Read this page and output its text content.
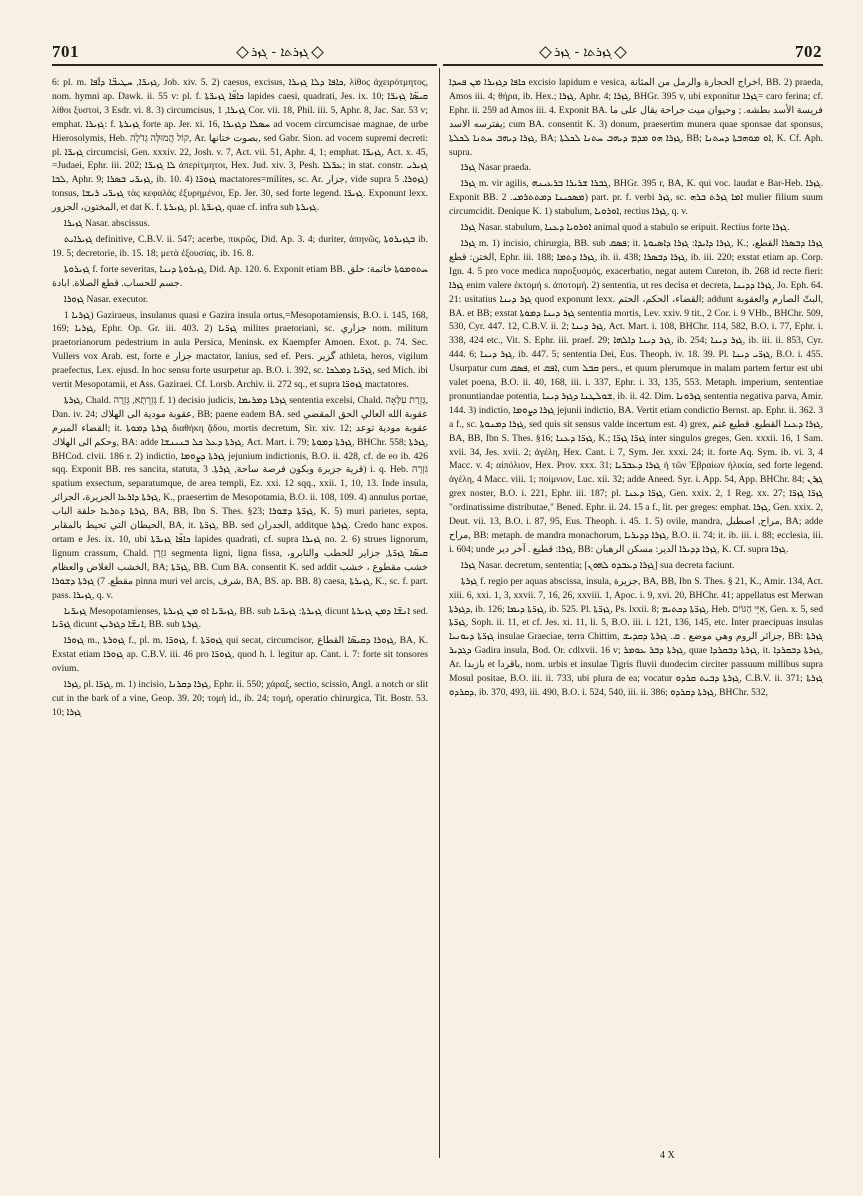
701	ܓܙܪܬܐ - ܓܙܪ	ܓܙܪܬܐ - ܓܙܪ	702

6: pl. m. ܓܙܝܪ̈ܐ, ܚܛܝܒ̈ܐ ܕܐ̈ܦܐ, Job. xiv. 5. 2) caesus, excisus, ܟܐܦܐ ܕܠܐ ܓܙܝܪܐ, λίθος ἀχειρότμητος, nom. hymni ap. Dawk. ii. 55 v: pl. f. ܟܐܦ̈ܐ ܓܙܝܪ̈ܬܐ lapides caesi, quadrati, Jes. ix. 10; ܩܝܣ̈ܐ ܓܙܝܪ̈ܐ λίθοι ξυστοί, 3 Esdr. vi. 8. 3) circumcisus, ܓܙܝܪܐ, 1 Cor. vii. 18, Phil. iii. 5, Aphr. 8, Jac. Sar. 53 v; emphat. ܓܙܝܪܐ: f. ܓܙܝܪܬܐ forte ap. Jer. xi. 16, ܚܣܠܐ ܕܓܙܝܪܐ ad vocem circumcisae magnae, de urbe Hierosolymis, Heb. קוֹל הֲמוּלָּה גְדֹלָה, Ar. بصوت ختانها, sed Gabr. Sion. ad vocem supremi decreti: pl. ܓܙܝܪ̈ܐ circumcisi, Gen. xxxiv. 22, Josh. v. 7, Act. vii. 51, Aphr. 4, 1; emphat. ܓܙܝܪ̈ܐ, Act. x. 45, =Judaei, Ephr. iii. 202; ܠܐ ܓܙܝܪ̈ܐ ἀπερίτμητοι, Hex. Jud. xiv. 3, Pesh. ܥܪ̈ܠܐ; in stat. constr. ܓܙܝܪܝ ܠܒܐ, Aphr. 9; ܓܙܝܪ̈ܝ ܒܣܪܐ, ib. 10. 4) ܓܙܘܪ̈ܐ mactatores=milites, sc. Ar. جزار, vide supra ܓܙܘܪܐ. 5) tonsus, ܓܙܝܪ̈ܝ ܪܝܫܐ τὰς κεφαλὰς ἐξυρημένοι, Ep. Jer. 30, sed forte legend. ܓܙܝܪ̈ܐ. Exponunt lexx. المختون، الجزور, et dat K. f. ܓܙܝܪܬܐ, pl. ܓܙܝܪ̈ܬܐ, quae cf. infra sub ܓܙܝܪܬܐ.

ܓܙܝܪܐ Nasar. abscissus.

ܓܙܝܪܐܝܬ definitive, C.B.V. ii. 547; acerbe, πικρῶς, Did. Ap. 3. 4; duriter, ἀπηνῶς, ܒܓܙܝܪܘܬܐ ib. 19. 5; decretorie, ib. 15. 18; μετὰ ἐξουσίας, ib. 16. 8.

ܓܙܝܪܘܬܐ f. forte severitas, ܓܙܝܪܘܬܐ ܕܝܢܐ, Did. Ap. 120. 6. Exponit etiam BB. ܚܬܘܡܘܬܐ خاتمة: حلق جسم للحساب. قطع الصلاة. ابادة.

ܓܙܘܪܐ Nasar. executor.

ܓܙܪܝܐ 1) Gaziraeus, insulanus quasi e Gazira insula ortus,=Mesopotamiensis, B.O. i. 145, 168, 169; ܓܙܪܝܐ, Ephr. Op. Gr. iii. 403. 2) ܓܙܪ̈ܝܐ milites praetoriani, sc. جزاري nom. militum praetorianorum pedestrium in aula Persica, Meninsk. ex Kaempfer Amoen. Exot. p. 74. Sec. Vullers vox Arab. est, forte e جزار mactator, lanius, sed ef. Pers. گزير athleta, heros, vigilum praefectus, Lex. ejusd. In hoc sensu forte usurpetur ap. B.O. i. 392, sc. ܓܙܪ̈ܝܐ ܕܡܠܟܐ, sed Mich. ibi vertit Mesopotamii, et Ass. Gaziraei. Cf. Lorsb. Archiv. ii. 272 sq., et supra ܓܙܘܪ̈ܐ mactatores.

ܓܙܪܬܐ, Chald. גְּזֵרְתָא, גְּזֵרָה f. 1) decisio judicis, ܓܙܪܬܐ ܕܡܪܝܡܐ sententia excelsi, Chald. גְּזֵרַת עִלָּאָה, Dan. iv. 24; عقوبة مودية الى الهلاك, BB; paene eadem BA. sed عقوبة الله العالي الحق المقضي القضاء المبرم; it. ܓܙܪܬܐ ܕܡܘܬܐ διαθήκη ᾅδου, mortis decretum, Sir. xiv. 12; عقوبة مودية توعد وحكم الى الهلاك, BA: adde ܓܙܪܬܐ ܕܥܠ ܟܠ ܒܢܝܢܫܐ, Act. Mart. i. 79; ܓܙܪܬܐ ܕܡܘܬܐ, BHChr. 558; ܓܙܪܬܐ, BHCod. clvii. 186 r. 2) indictio, ܓܙܪܬܐ ܕܨܘܡܐ jejunium indictionis, B.O. ii. 428, cf. de eo ib. 426 sqq. Exponit BB. res sancita, statuta, قرية جزيرة وبكون فرصة ساحة, ܓܙܪܬܐ. 3) i. q. Heb. גִּזְרָה spatium exsectum, separatumque, de area templi, Ez. xxi. 12 sqq., xxii. 1, 10, 13. Inde insula, ܓܙܪܬܐ ܕܐܪܥܐ الجزيرة، الجزائر, K., praesertim de Mesopotamia, B.O. ii. 108, 109. 4) annulus portae, ܓܙܪܬܐ ܕܬܪܥܐ حلقة الباب, BA, BB, Ibn S. Thes. §23; ܓܙܪ̈ܬܐ ܕܫܘܪܐ, K. 5) muri parietes, septa, الحيطان التي تحيط بالمقابر, BA, it. ܓܙܪ̈ܬܐ, BB. sed الجدران, additque ܓܙܪܬܐ. Credo hanc expos. ortam e Jes. ix. 10, ubi ܟܐܦ̈ܐ ܓܙܝܪ̈ܬܐ lapides quadrati, cf. supra ܓܙܝܪܐ no. 2. 6) strues lignorum, lignum crassum, Chald. גִּזְרָן segmenta ligni, ligna fissa, ܩܝܣ̈ܐ ܓܙܪ̈ܬܐ, جزاير للحطب والنابرو، الخشب الغلاض والعظام, BA; ܓܙܪ̈ܬܐ, BB. Cum BA. consentit K. sed addit خشب مقطوع ، خشب مقطع. 7) ܓܙܪܬܐ ܕܫܘܪܐ pinna muri vel arcis, شرف, BA, BS. ap. BB. 8) caesa, ܓܙܝܪܬܐ, K., sc. f. part. pass. ܓܙܝܪܐ, q. v.

ܓܙܝܪ̈ܝܐ Mesopotamienses, ܓܙܝܪ̈ܝܐ ܐܘ ܡܢ ܓܙܝܪܬܐ, BB. sub ܓܙܝܪܬܐ: ܓܙܝܪ̈ܝܐ dicunt ܐܢܫ̈ܐ ܕܡܢ ܓܙܝܪܬܐ sed. ܓܙܪ̈ܝܐ dicunt ܐܢܫ̈ܐ ܕܓܙܪܝܢ, BB. sub ܓܙܪܬܐ.

ܓܙܘܪܐ m., ܓܙܘܪܬܐ f., pl. m. ܓܙܘܪ̈ܐ, f. ܓܙܘܪ̈ܬܐ qui secat, circumcisor, ܓܙܘܪܐ ܕܩܝܣ̈ܐ القطاع, BA, K. Exstat etiam ܓܙܘܪܐ ap. C.B.V. iii. 46 pro ܓܙܘܪ̈ܐ, quod h. l. legitur ap. Cant. i. 7: forte sit tonsores ovium.

ܓܙܪܐ, pl. ܓܙܪ̈ܐ, m. 1) incisio, ܓܙܪܐ ܕܩܪܢܐ, Ephr. ii. 550; χάραξ, sectio, scissio, Angl. a notch or slit cut in the bark of a vine, Geop. 39. 20; τομὴ id., ib. 24; τομή, operatio chirurgica, Tit. Bostr. 53. 10; ܓܙܪܐ

ܟܐܦܐ ܕܓܙܝܪܐ ܡܢ ܦܚܕܐ excisio lapidum e vesica, اخراج الحجارة والرمل من المثانة, BB. 2) praeda, Amos iii. 4; θήρα, ib. Hex.; ܓܙܪܐ, Aphr. 4; ܓܙܪܐ, BHGr. 395 v, ubi exponitur ܓܙܪܐ= caro ferina; cf. Ephr. ii. 259 ad Amos iii. 4. Exponit BA. فريسة الأسد بطشه. ; وحيوان ميت جراحة يقال على ما يفترسه الاسد; cum BA. consentit K. 3) donum, praesertim munera quae sponsae dat sponsus, ܓܙܪܐ ܕܝܗܒ ܚܬܢܐ ܠܟܠܬܐ, BA; ܓܙܪܐ ܗܘ ܡܕܡ ܕܝܗܒ ܚܬܢܐ ܠܟܠܬܐ, BB; ܐܘ ܡܘܗܒܬܐ ܕܚܬܢܐ, K. Cf. Aph. supra.

ܓܙܪܐ Nasar praeda.

ܓܙܪܐ m. vir agilis, ܓܒܪܐ ܫܪܝܪܐ ܒܪܥܝܢܗ, BHGr. 395 r, BA, K. qui voc. laudat e Bar-Heb. ܓܙܪܐ. Exponit BB. ܡܣܟܝܢܐ ܕܡܬܬܪܡܝ. 2) part. pr. f. verbi ܓܙܪ, sc. ܐܡܐ ܓܙܪܬ ܒܪܗ mulier filium suum circumcidit. Denique K. 1) stabulum, ܐܘܪܘܝܐ, rectius ܓܙܪܐ, q. v.

ܓܙܪܐ Nasar. stabulum, ܐܘܪܘܝܐ ܕܥܢܐ animal quod a stabulo se eripuit. Rectius forte ܓܙܪܐ.

ܓܙܪܐ m. 1) incisio, chirurgia, BB. sub ܦܣܩ; it. ܓܙܪܐ ܕܐܝܕܐ: ܓܙܪܐ ܕܐܣܝܘܬܐ, K.; ܓܙܪܐ ܕܒܣܪܐ القطع، الختن: قطع, Ephr. iii. 188; ܓܙܪܐ ܕܬܡܐ, ib. ii. 438; ܓܙܪܐ ܕܒܣܪܐ, ib. iii. 220; exstat etiam ap. Corp. Ign. 4. 5 pro voce medica παροξυσμός, exacerbatio, negat autem Cureton, ib. 268 id recte fieri: ܓܙܪܐ enim valere ἐκτομή s. ἀποτομή. 2) sententia, ut res decisa et decreta, ܓܙܪܐ ܕܕܝܢܐ, Jo. Eph. 64. 21: usitatius ܓܙܪ ܕܝܢܐ quod exponunt lexx. القضاء، الحكم، الحتم; addunt البتّ الصارم والعقوبة, BA. et BB; exstat ܓܙܪ ܕܝܢܐ ܕܡܘܬܐ sententia mortis, Lev. xxiv. 9 tit., 2 Cor. i. 9 VHb., BHChr. 509, 530, Cyr. 447. 12, C.B.V. ii. 2; ܓܙܪ ܕܝܢܐ, Act. Mart. i. 108, BHChr. 114, 582, B.O. i. 77, Ephr. i. 338, 424 etc., Vit. S. Ephr. iii. praef. 29; ܓܙܪ ܕܝܢܐ ܕܐܠܗܐ, ib. 254; ܓܙܪ ܕܝܢܐ, ib. iii. ii. 853, Cyr. 444. 6; ܓܙܪ ܕܝܢܐ, ib. 447. 5; sententia Dei, Eus. Theoph. iv. 18. 39. Pl. ܓܙܪ̈ܝ ܕܝܢܐ, B.O. i. 455. Usurpatur cum ܦܣܩ, et ܐܦܩ, cum ܩܒܠ pers., et quum plerumque in malam partem fertur est ubi valet poena, B.O. ii. 40, 168, iii. i. 337, Ephr. i. 33, 135, 553. Metaph. imperium, sententiae pronuntiandae potentia, ܫܘܠܛܢܐ ܕܓܙܪ ܕܝܢܐ, ib. ii. 42. Dim. ܓܙܪܘܢܐ sententia negativa parva, Amir. 144. 3) indictio, ܓܙܪܐ ܕܨܘܡܐ jejunii indictio, BA. Vertit etiam condictio Bernst. ap. Ephr. ii. 362. 3 a f., sc. ܓܙܪܐ ܕܡܢܘܬܐ, sed quis sit sensus valde incertum est. 4) grex, ܓܙܪܐ ܕܥܢܐ القطيع. قطيع غنم, BA, BB, Ibn S. Thes. §16; ܓܙܪ̈ܐ ܕܥܢܐ, K.; ܓܙܪ̈ܐ ܓܙܪ̈ܐ inter singulos greges, Gen. xxxii. 16, 1 Sam. xvii. 34, Jes. xvii. 2; ἀγέλη, Hex. Cant. i. 7, Sym. Jer. xxxi. 24; it. forte Aq. Sym. ib. vi. 3, 4 Macc. v. 4; αἰπόλιον, Hex. Prov. xxx. 31; ܓܙܪܐ ܕܥܒܪ̈ܝܐ ἡ τῶν Ἑβραίων ἡλικία, sed forte legend. ἀγέλη, 4 Macc. viii. 1; ποίμνιον, Luc. xii. 32; adde Aneed. Syr. i. App. 54, App. BHChr. 84; ܓܙܪܢ grex noster, B.O. i. 221, Ephr. iii. 187; pl. ܓܙܪ̈ܐ ܕܥܢܐ, Gen. xxix. 2, 1 Reg. xx. 27; ܓܙܪ̈ܐ ܓܙܪ̈ܐ "ordinatissime distributae," Bened. Ephr. ii. 24. 15 a f., lit. per greges: emphat. ܓܙܪܐ, Gen. xxix. 2, Deut. vii. 13, B.O. i. 87, 95, Eus. Theoph. i. 45. 1. 5) ovile, mandra, مراح, اصطبل, BA; adde مراح, BB: metaph. de mandra monachorum, ܓܙܪܐ ܕܕܝܪܝܐ, B.O. ii. 74; it. ib. iii. i. 88; ecclesia, iii. i. 604; unde ܓܙܪܐ: قطيع . آخر دير, BB: ܓܙܪܐ ܕܕܝܪܐ الدير: مسكن الرهبان, K. Cf. supra ܓܙܪܐ.

ܓܙܪܐ Nasar. decretum, sententia; [ܓܙܪܐ ܕܥܒܕܘ ܠܗܘܢ] sua decreta faciunt.

ܓܙܪܬܐ f. regio per aquas abscissa, insula, جزيرة, BA, BB, Ibn S. Thes. § 21, K., Amir. 134, Act. xiii. 6, xxi. 1, 3, xxvii. 7, 16, 26, xxviii. 1, Apoc. i. 9, xvi. 20, BHChr. 41; appellatus est Merwan ܕܓܙܪܬܐ, ib. 126; ܓܙܪ̈ܬܐ ܕܝܡܐ, ib. 525. Pl. ܓܙܪ̈ܬܐ, Ps. lxxii. 8; ܓܙܪ̈ܬܐ ܕܟܬܝܡ, Heb. אִיֵּי הַגּוֹיִם, Gen. x. 5, sed ܓܙܪ̈ܬܐ, Soph. ii. 11, et cf. Jes. xi. 11, li. 5, B.O. iii. i. 121, 136, 145, etc. Inter praecipuas insulas ܓܙܪ̈ܬܐ ܕܝܘܢܝܐ insulae Graeciae, terra Chittim, جزائر الروم وهي موضع . ܩ. ܓܙܪܬܐ ܕܩܕܝܫ, BB: ܓܙܪܬܐ ܕܓܕܝܪ Gadira insula, Bod. Or. cdlxvii. 16 v; ܓܙܪܬܐ ܕܒܪ ܥܘܡܪ, quae ܓܙܪܬܐ ܕܒܩܪܕܐ, it. ܓܙܪܬܐ ܕܒܩܪܕܐ, Ar. بازبدا et باقردا, nom. urbis et insulae Tigris fluvii duodecim circiter passuum millibus supra Mosul positae, B.O. iii. ii. 733, ubi plura de ea; vocatur ܓܙܪܬܐ ܕܒܝܬ ܩܪܕܘ, C.B.V. ii. 371; ܓܙܪܬܐ ܕܩܪܕܘ, ib. 370, 493, iii. 490, B.O. i. 524, 540, iii. ii. 386; ܓܙܪܬܐ ܕܩܪܕܘ, BHChr. 532,

4 X
